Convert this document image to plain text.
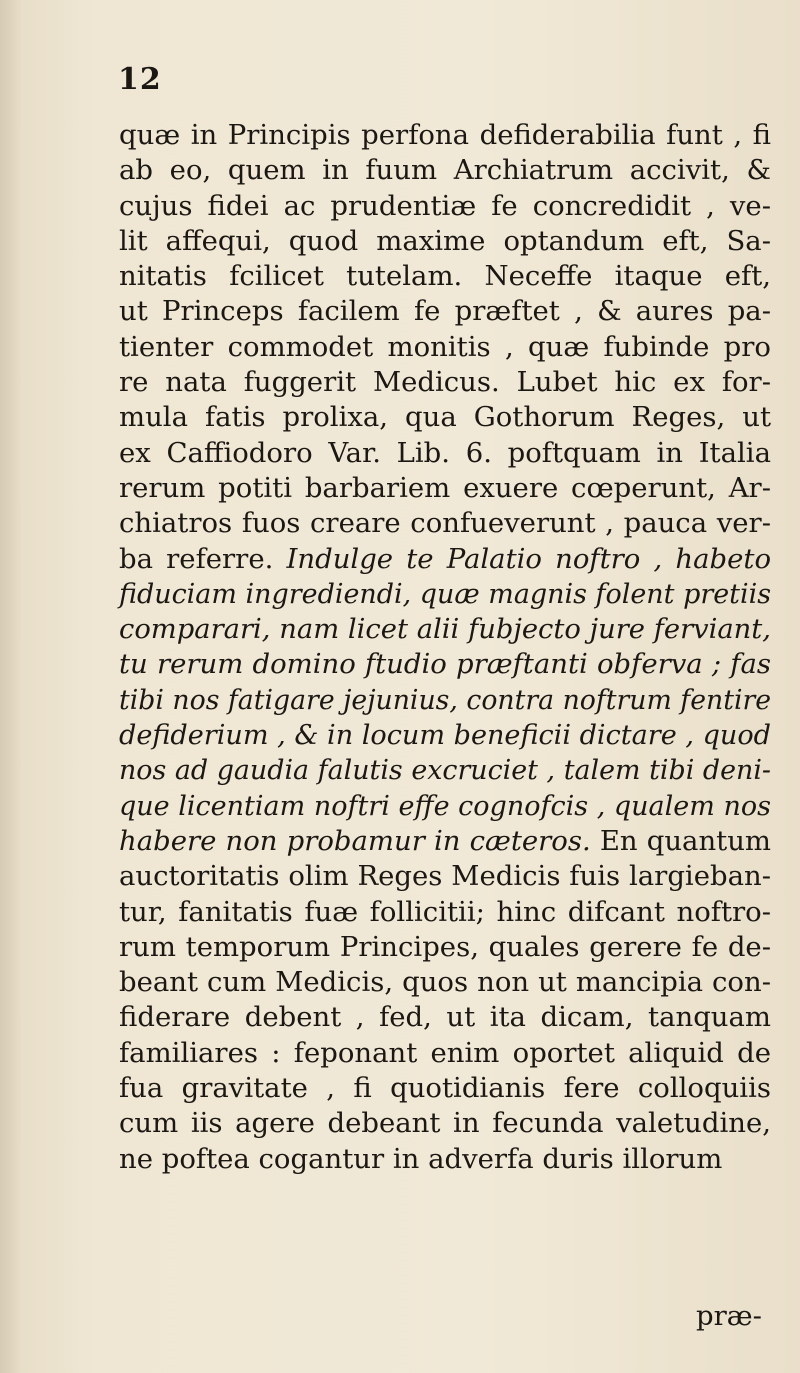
12
quæ in Principis perfona defiderabilia funt , fi
ab eo, quem in fuum Archiatrum accivit, &
cujus fidei ac prudentiæ fe concredidit , ve-
lit affequi, quod maxime optandum eft, Sa-
nitatis fcilicet tutelam. Neceffe itaque eft,
ut Princeps facilem fe præftet , & aures pa-
tienter commodet monitis , quæ fubinde pro
re nata fuggerit Medicus. Lubet hic ex for-
mula fatis prolixa, qua Gothorum Reges, ut
ex Caffiodoro Var. Lib. 6. poftquam in Italia
rerum potiti barbariem exuere cœperunt, Ar-
chiatros fuos creare confueverunt , pauca ver-
ba referre. Indulge te Palatio noftro , habeto
fiduciam ingrediendi, quæ magnis folent pretiis
comparari, nam licet alii fubjecto jure ferviant,
tu rerum domino ftudio præftanti obferva ; fas
tibi nos fatigare jejunius, contra noftrum fentire
defiderium , & in locum beneficii dictare , quod
nos ad gaudia falutis excruciet , talem tibi deni-
que licentiam noftri effe cognofcis , qualem nos
habere non probamur in cæteros. En quantum
auctoritatis olim Reges Medicis fuis largieban-
tur, fanitatis fuæ follicitii; hinc difcant noftro-
rum temporum Principes, quales gerere fe de-
beant cum Medicis, quos non ut mancipia con-
fiderare debent , fed, ut ita dicam, tanquam
familiares : feponant enim oportet aliquid de
fua gravitate , fi quotidianis fere colloquiis
cum iis agere debeant in fecunda valetudine,
ne poftea cogantur in adverfa duris illorum
præ-
